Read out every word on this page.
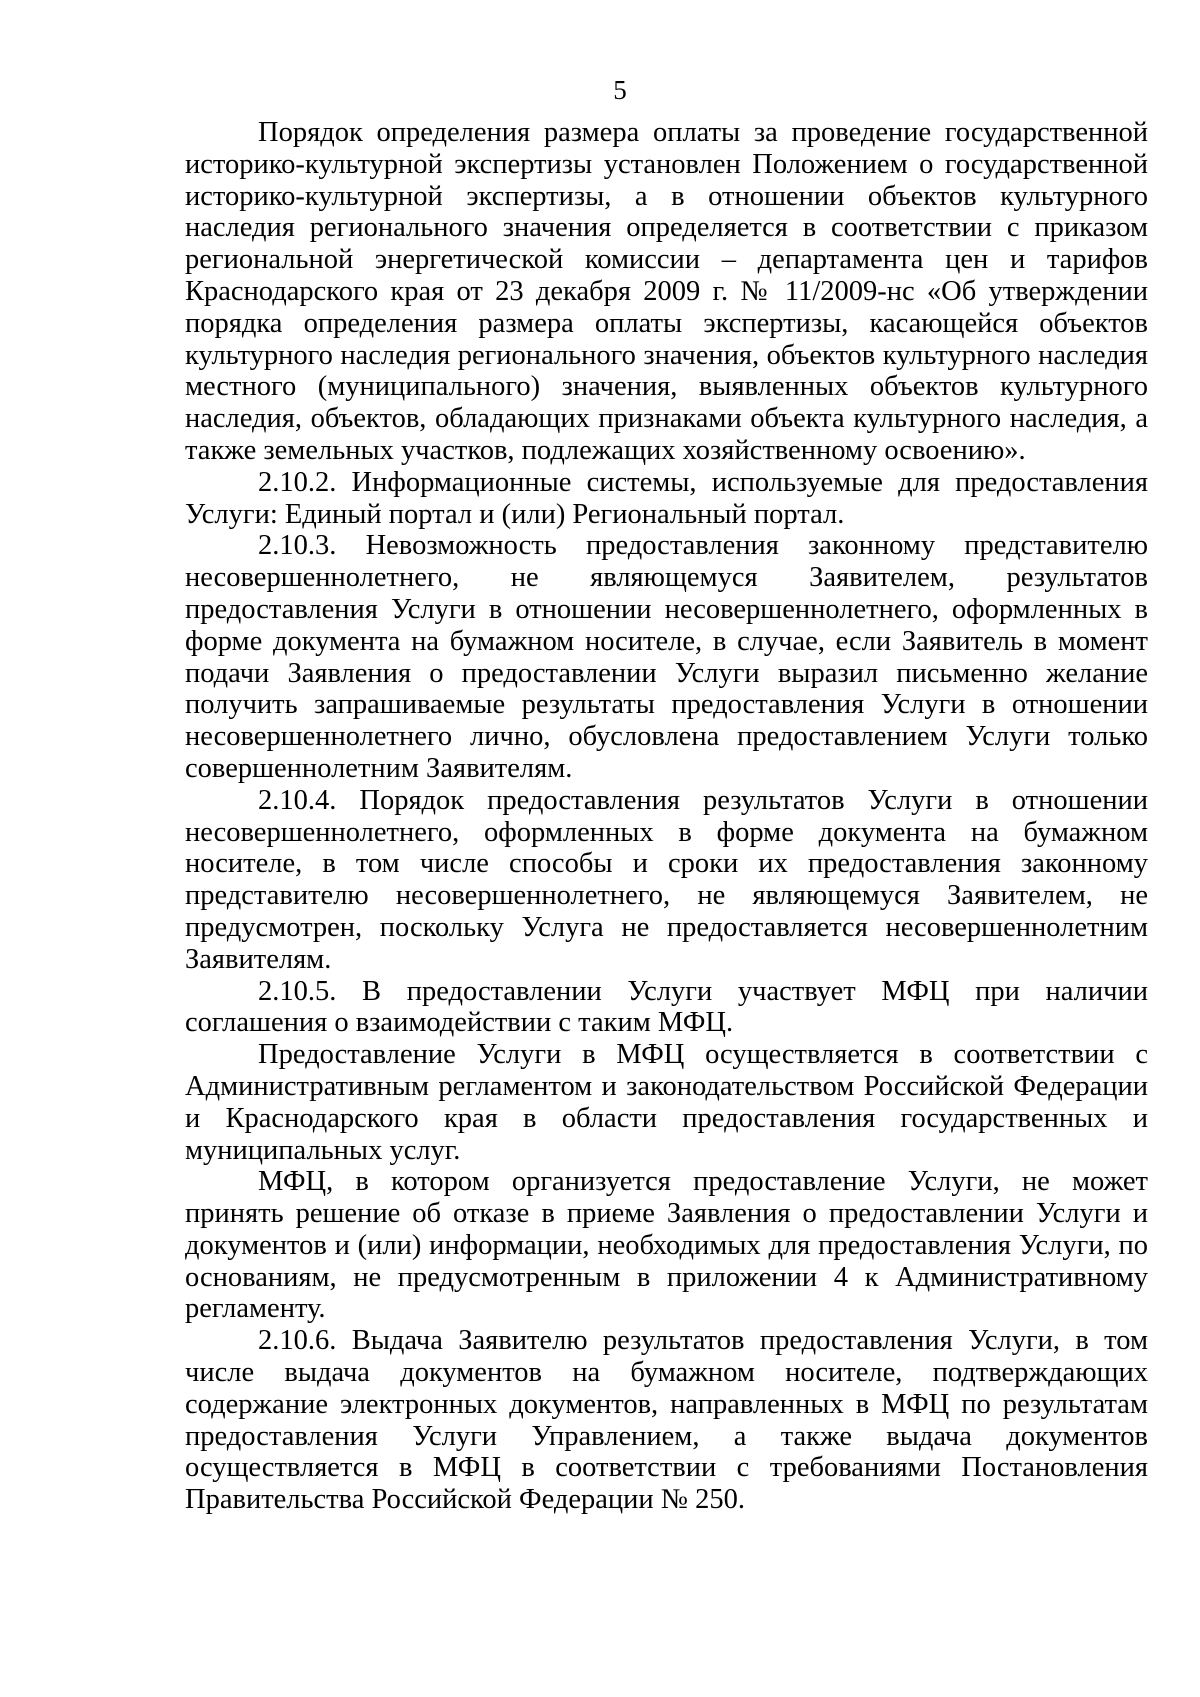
5

Порядок определения размера оплаты за проведение государственной историко-культурной экспертизы установлен Положением о государственной историко-культурной экспертизы, а в отношении объектов культурного наследия регионального значения определяется в соответствии с приказом региональной энергетической комиссии – департамента цен и тарифов Краснодарского края от 23 декабря 2009 г. № 11/2009-нс «Об утверждении порядка определения размера оплаты экспертизы, касающейся объектов культурного наследия регионального значения, объектов культурного наследия местного (муниципального) значения, выявленных объектов культурного наследия, объектов, обладающих признаками объекта культурного наследия, а также земельных участков, подлежащих хозяйственному освоению».

2.10.2. Информационные системы, используемые для предоставления Услуги: Единый портал и (или) Региональный портал.

2.10.3. Невозможность предоставления законному представителю несовершеннолетнего, не являющемуся Заявителем, результатов предоставления Услуги в отношении несовершеннолетнего, оформленных в форме документа на бумажном носителе, в случае, если Заявитель в момент подачи Заявления о предоставлении Услуги выразил письменно желание получить запрашиваемые результаты предоставления Услуги в отношении несовершеннолетнего лично, обусловлена предоставлением Услуги только совершеннолетним Заявителям.

2.10.4. Порядок предоставления результатов Услуги в отношении несовершеннолетнего, оформленных в форме документа на бумажном носителе, в том числе способы и сроки их предоставления законному представителю несовершеннолетнего, не являющемуся Заявителем, не предусмотрен, поскольку Услуга не предоставляется несовершеннолетним Заявителям.

2.10.5. В предоставлении Услуги участвует МФЦ при наличии соглашения о взаимодействии с таким МФЦ.

Предоставление Услуги в МФЦ осуществляется в соответствии с Административным регламентом и законодательством Российской Федерации и Краснодарского края в области предоставления государственных и муниципальных услуг.

МФЦ, в котором организуется предоставление Услуги, не может принять решение об отказе в приеме Заявления о предоставлении Услуги и документов и (или) информации, необходимых для предоставления Услуги, по основаниям, не предусмотренным в приложении 4 к Административному регламенту.

2.10.6. Выдача Заявителю результатов предоставления Услуги, в том числе выдача документов на бумажном носителе, подтверждающих содержание электронных документов, направленных в МФЦ по результатам предоставления Услуги Управлением, а также выдача документов осуществляется в МФЦ в соответствии с требованиями Постановления Правительства Российской Федерации № 250.
